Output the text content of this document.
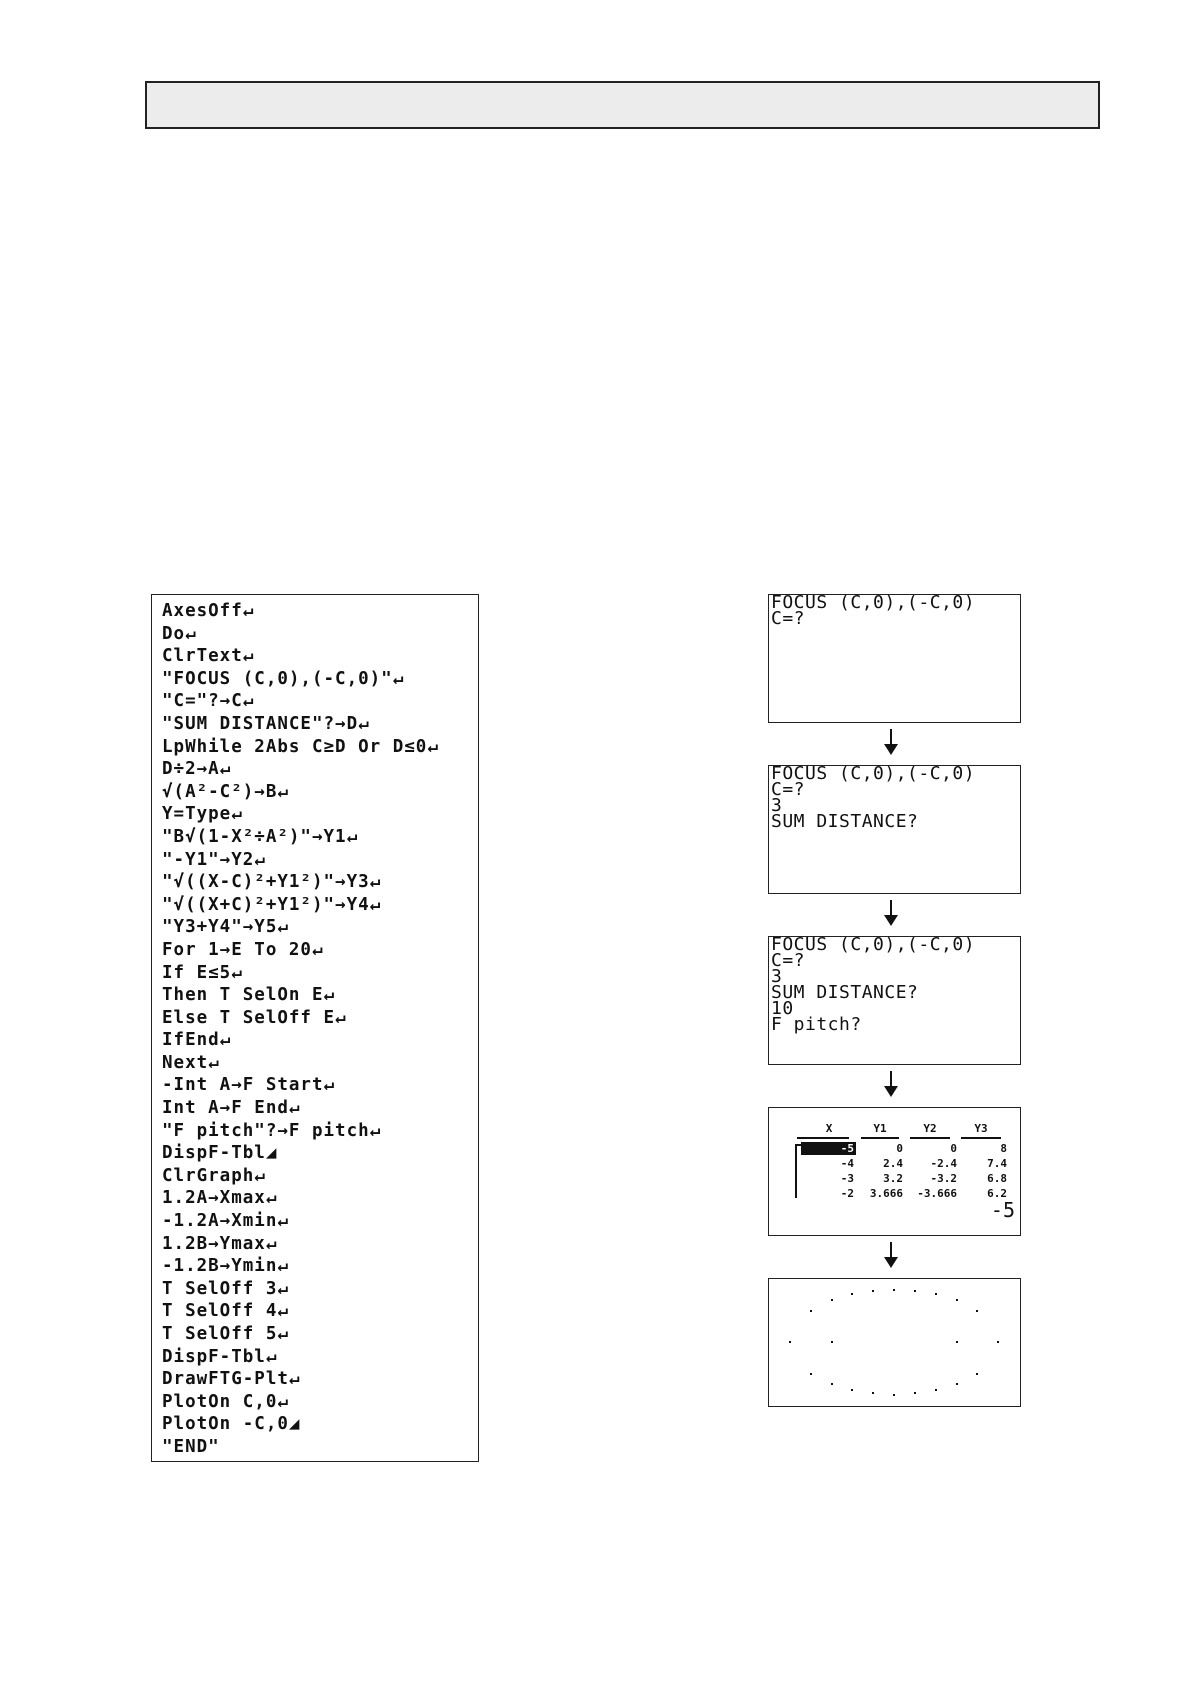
AxesOff↵
Do↵
ClrText↵
"FOCUS (C,0),(-C,0)"↵
"C="?→C↵
"SUM DISTANCE"?→D↵
LpWhile 2Abs C≥D Or D≤0↵
D÷2→A↵
√(A²-C²)→B↵
Y=Type↵
"B√(1-X²÷A²)"→Y1↵
"-Y1"→Y2↵
"√((X-C)²+Y1²)"→Y3↵
"√((X+C)²+Y1²)"→Y4↵
"Y3+Y4"→Y5↵
For 1→E To 20↵
If E≤5↵
Then T SelOn E↵
Else T SelOff E↵
IfEnd↵
Next↵
-Int A→F Start↵
Int A→F End↵
"F pitch"?→F pitch↵
DispF-Tbl◢
ClrGraph↵
1.2A→Xmax↵
-1.2A→Xmin↵
1.2B→Ymax↵
-1.2B→Ymin↵
T SelOff 3↵
T SelOff 4↵
T SelOff 5↵
DispF-Tbl↵
DrawFTG-Plt↵
PlotOn C,0↵
PlotOn -C,0◢
"END"
FOCUS (C,0),(-C,0)
C=?
FOCUS (C,0),(-C,0)
C=?
3
SUM DISTANCE?
FOCUS (C,0),(-C,0)
C=?
3
SUM DISTANCE?
10
F pitch?
X	Y1	Y2	Y3
-5	0	0	8
-4	2.4	-2.4	7.4
-3	3.2	-3.2	6.8
-2	3.666	-3.666	6.2
-5
